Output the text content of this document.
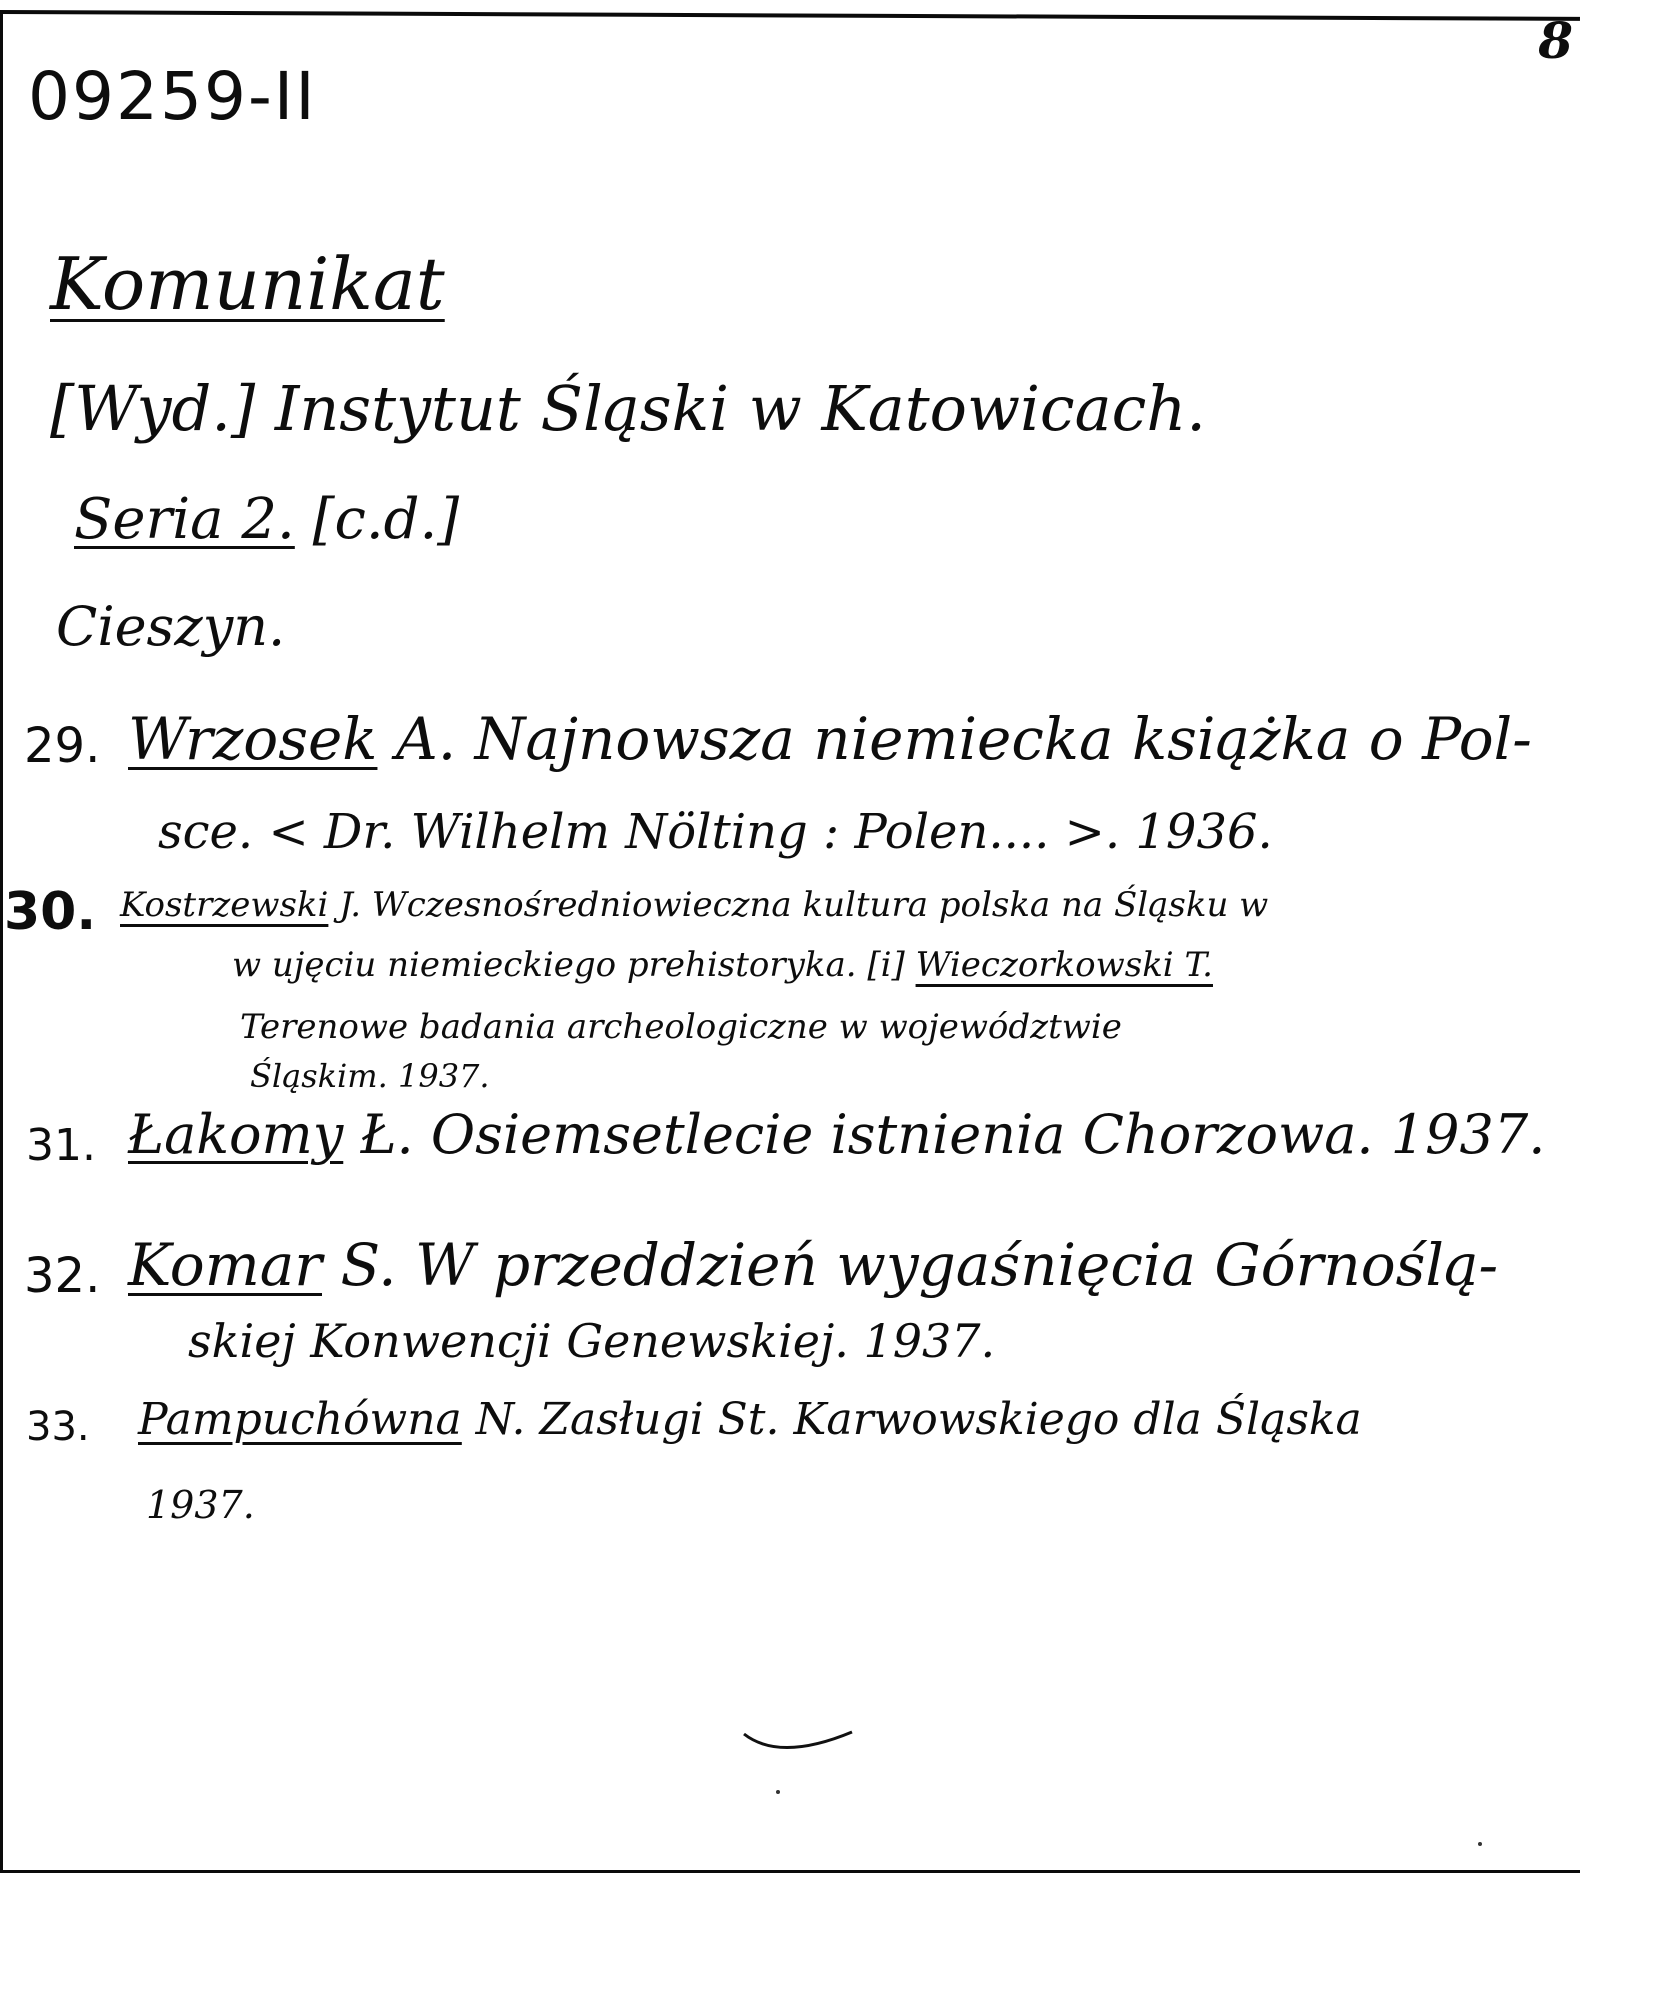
8
09259-II
Komunikat
[Wyd.] Instytut Śląski w Katowicach.
Seria 2. [c.d.]
Cieszyn.
29. Wrzosek A. Najnowsza niemiecka książka o Pol-
sce. < Dr. Wilhelm Nölting : Polen.... >. 1936.
30. Kostrzewski J. Wczesnośredniowieczna kultura polska na Śląsku w
w ujęciu niemieckiego prehistoryka. [i] Wieczorkowski T.
Terenowe badania archeologiczne w województwie
Śląskim. 1937.
31. Łakomy Ł. Osiemsetlecie istnienia Chorzowa. 1937.
32. Komar S. W przeddzień wygaśnięcia Górnoślą-
skiej Konwencji Genewskiej. 1937.
33. Pampuchówna N. Zasługi St. Karwowskiego dla Śląska
1937.
